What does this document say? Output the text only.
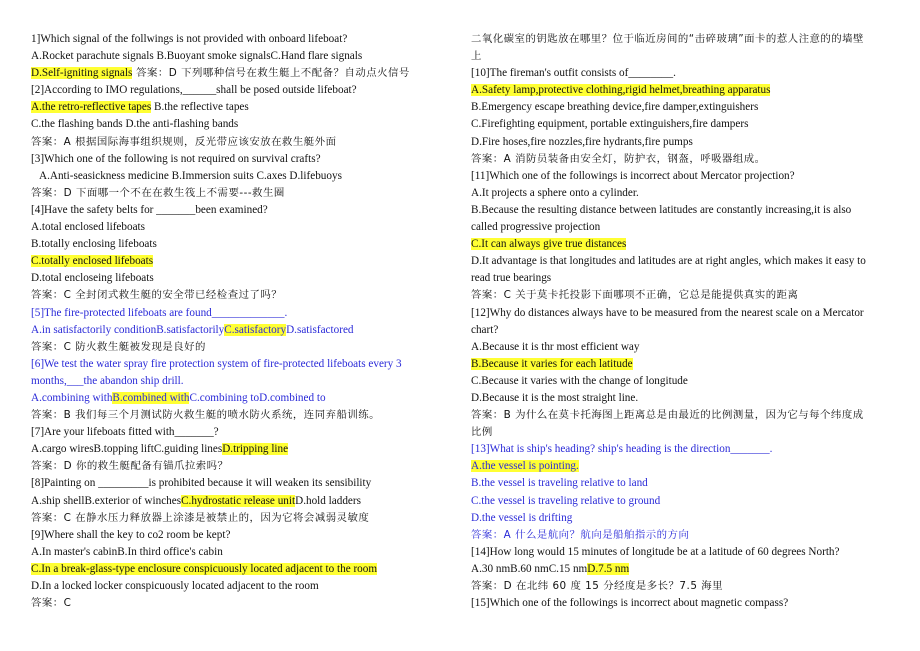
1]Which signal of the follwings is not provided with onboard lifeboat?
A.Rocket parachute signals B.Buoyant smoke signalsC.Hand flare signals
D.Self-igniting signals 答案：D 下列哪种信号在救生艇上不配备？自动点火信号
[2]According to IMO regulations,______shall be posed outside lifeboat?
A.the retro-reflective tapes B.the reflective tapes
C.the flashing bands D.the anti-flashing bands
答案：A 根据国际海事组织规则，反光带应该安放在救生艇外面
[3]Which one of the following is not required on survival crafts?
A.Anti-seasickness medicine B.Immersion suits C.axes D.lifebuoys
答案：D 下面哪一个不在在救生筏上不需要---救生圈
[4]Have the safety belts for _______been examined?
A.total enclosed lifeboats
B.totally enclosing lifeboats
C.totally enclosed lifeboats
D.total encloseing lifeboats
答案：C 全封闭式救生艇的安全带已经检查过了吗？
[5]The fire-protected lifeboats are found_____________.
A.in satisfactorily conditionB.satisfactorilyC.satisfactoryD.satisfactored
答案：C 防火救生艇被发现是良好的
[6]We test the water spray fire protection system of fire-protected lifeboats every 3
months,___the abandon ship drill.
A.combining withB.combined withC.combining toD.combined to
答案：B 我们每三个月测试防火救生艇的喷水防火系统，连同弃船训练。
[7]Are your lifeboats fitted with_______?
A.cargo wiresB.topping liftC.guiding linesD.tripping line
答案：D 你的救生艇配备有锚爪拉索吗？
[8]Painting on _________is prohibited because it will weaken its sensibility
A.ship shellB.exterior of winchesC.hydrostatic release unitD.hold ladders
答案：C 在静水压力释放器上涂漆是被禁止的，因为它将会减弱灵敏度
[9]Where shall the key to co2 room be kept?
A.In master's cabinB.In third office's cabin
C.In a break-glass-type enclosure conspicuously located adjacent to the room
D.In a locked locker conspicuously located adjacent to the room
答案：C
二氧化碳室的钥匙放在哪里？位于临近房间的“击碎玻璃”面卡的惹人注意的的墙壁
上
[10]The fireman's outfit consists of________.
A.Safety lamp,protective clothing,rigid helmet,breathing apparatus
B.Emergency escape breathing device,fire damper,extinguishers
C.Firefighting equipment, portable extinguishers,fire dampers
D.Fire hoses,fire nozzles,fire hydrants,fire pumps
答案：A 消防员装备由安全灯，防护衣，钢盔，呼吸器组成。
[11]Which one of the followings is incorrect about Mercator projection?
A.It projects a sphere onto a cylinder.
B.Because the resulting distance between latitudes are constantly increasing,it is also
called progressive projection
C.It can always give true distances
D.It advantage is that longitudes and latitudes are at right angles, which makes it easy to
read true bearings
答案：C 关于莫卡托投影下面哪项不正确，它总是能提供真实的距离
[12]Why do distances always have to be measured from the nearest scale on a Mercator
chart?
A.Because it is thr most efficient way
B.Because it varies for each latitude
C.Because it varies with the change of longitude
D.Because it is the most straight line.
答案：B 为什么在莫卡托海图上距离总是由最近的比例测量，因为它与每个纬度成
比例
[13]What is ship's heading? ship's heading is the direction_______.
A.the vessel is pointing.
B.the vessel is traveling relative to land
C.the vessel is traveling relative to ground
D.the vessel is drifting
答案：A 什么是航向？航向是船舶指示的方向
[14]How long would 15 minutes of longitude be at a latitude of 60 degrees North?
A.30 nmB.60 nmC.15 nmD.7.5 nm
答案：D 在北纬 60 度 15 分经度是多长？7.5 海里
[15]Which one of the followings is incorrect about magnetic compass?
